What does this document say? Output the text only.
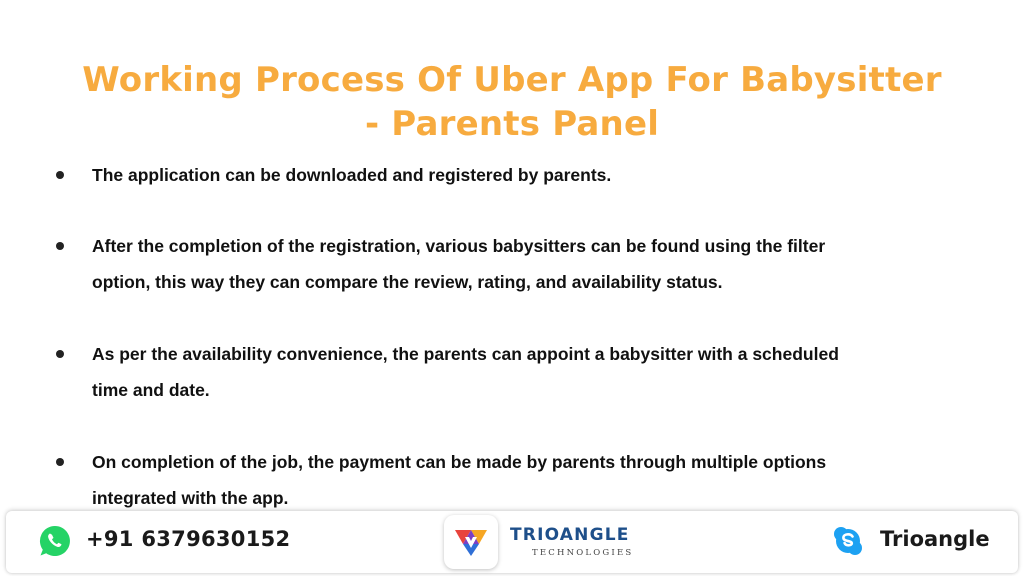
Working Process Of Uber App For Babysitter
- Parents Panel
The application can be downloaded and registered by parents.
After the completion of the registration, various babysitters can be found using the filter
option, this way they can compare the review, rating, and availability status.
As per the availability convenience, the parents can appoint a babysitter with a scheduled
time and date.
On completion of the job, the payment can be made by parents through multiple options
integrated with the app.
+91 6379630152	TRIOANGLE
TECHNOLOGIES
Trioangle
